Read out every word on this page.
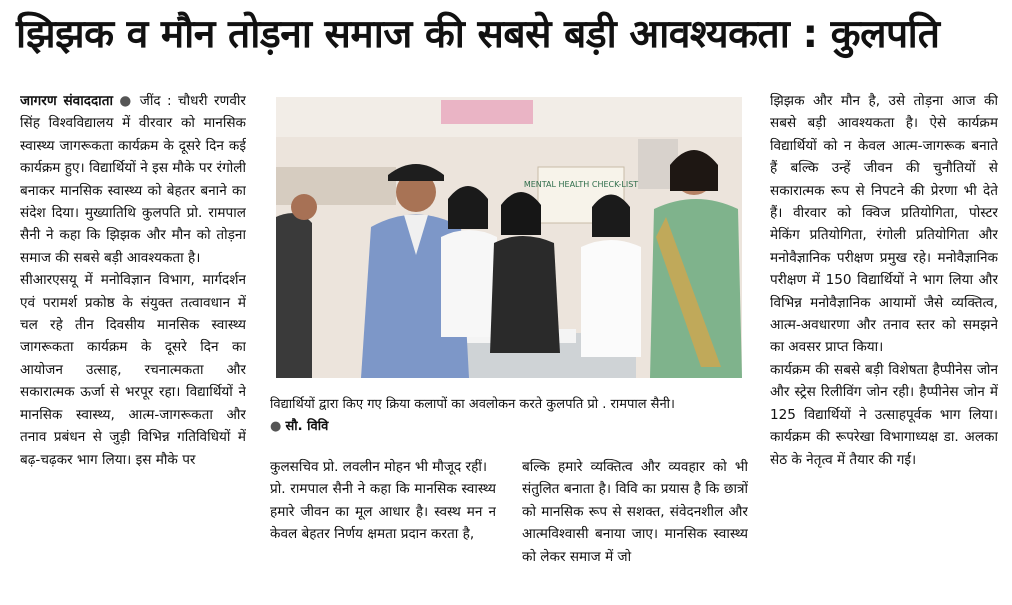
झिझक व मौन तोड़ना समाज की सबसे बड़ी आवश्यकता : कुलपति
जागरण संवाददाता ● जींद : चौधरी रणवीर सिंह विश्वविद्यालय में वीरवार को मानसिक स्वास्थ्य जागरूकता कार्यक्रम के दूसरे दिन कई कार्यक्रम हुए। विद्यार्थियों ने इस मौके पर रंगोली बनाकर मानसिक स्वास्थ्य को बेहतर बनाने का संदेश दिया। मुख्यातिथि कुलपति प्रो. रामपाल सैनी ने कहा कि झिझक और मौन को तोड़ना समाज की सबसे बड़ी आवश्यकता है।
सीआरएसयू में मनोविज्ञान विभाग, मार्गदर्शन एवं परामर्श प्रकोष्ठ के संयुक्त तत्वावधान में चल रहे तीन दिवसीय मानसिक स्वास्थ्य जागरूकता कार्यक्रम के दूसरे दिन का आयोजन उत्साह, रचनात्मकता और सकारात्मक ऊर्जा से भरपूर रहा। विद्यार्थियों ने मानसिक स्वास्थ्य, आत्म-जागरूकता और तनाव प्रबंधन से जुड़ी विभिन्न गतिविधियों में बढ़-चढ़कर भाग लिया। इस मौके पर
MENTAL HEALTH CHECK-LIST
विद्यार्थियों द्वारा किए गए क्रिया कलापों का अवलोकन करते कुलपति प्रो . रामपाल सैनी।
● सौ. विवि
कुलसचिव प्रो. लवलीन मोहन भी मौजूद रहीं।
प्रो. रामपाल सैनी ने कहा कि मानसिक स्वास्थ्य हमारे जीवन का मूल आधार है। स्वस्थ मन न केवल बेहतर निर्णय क्षमता प्रदान करता है,
बल्कि हमारे व्यक्तित्व और व्यवहार को भी संतुलित बनाता है। विवि का प्रयास है कि छात्रों को मानसिक रूप से सशक्त, संवेदनशील और आत्मविश्वासी बनाया जाए। मानसिक स्वास्थ्य को लेकर समाज में जो
झिझक और मौन है, उसे तोड़ना आज की सबसे बड़ी आवश्यकता है। ऐसे कार्यक्रम विद्यार्थियों को न केवल आत्म-जागरूक बनाते हैं बल्कि उन्हें जीवन की चुनौतियों से सकारात्मक रूप से निपटने की प्रेरणा भी देते हैं। वीरवार को क्विज प्रतियोगिता, पोस्टर मेकिंग प्रतियोगिता, रंगोली प्रतियोगिता और मनोवैज्ञानिक परीक्षण प्रमुख रहे। मनोवैज्ञानिक परीक्षण में 150 विद्यार्थियों ने भाग लिया और विभिन्न मनोवैज्ञानिक आयामों जैसे व्यक्तित्व, आत्म-अवधारणा और तनाव स्तर को समझने का अवसर प्राप्त किया।
कार्यक्रम की सबसे बड़ी विशेषता हैप्पीनेस जोन और स्ट्रेस रिलीविंग जोन रही। हैप्पीनेस जोन में 125 विद्यार्थियों ने उत्साहपूर्वक भाग लिया। कार्यक्रम की रूपरेखा विभागाध्यक्ष डा. अलका सेठ के नेतृत्व में तैयार की गई।
